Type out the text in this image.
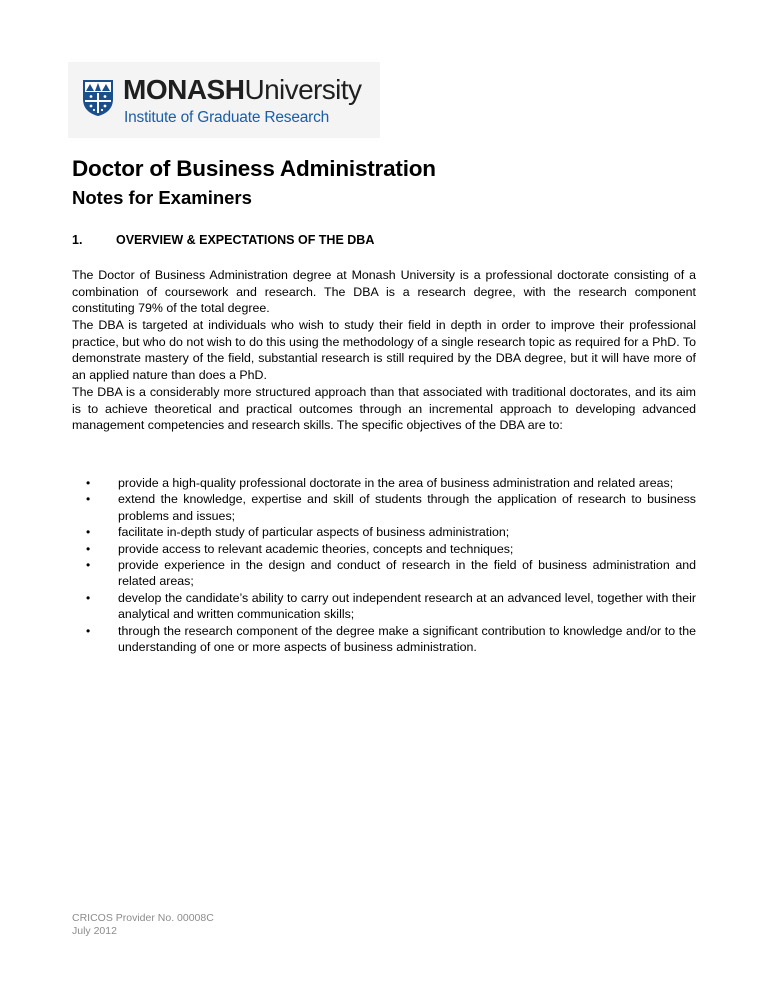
MONASHUniversity
Institute of Graduate Research
Doctor of Business Administration
Notes for Examiners
1.	OVERVIEW & EXPECTATIONS OF THE DBA

The Doctor of Business Administration degree at Monash University is a professional doctorate consisting of a combination of coursework and research. The DBA is a research degree, with the research component constituting 79% of the total degree.

The DBA is targeted at individuals who wish to study their field in depth in order to improve their professional practice, but who do not wish to do this using the methodology of a single research topic as required for a PhD. To demonstrate mastery of the field, substantial research is still required by the DBA degree, but it will have more of an applied nature than does a PhD.

The DBA is a considerably more structured approach than that associated with traditional doctorates, and its aim is to achieve theoretical and practical outcomes through an incremental approach to developing advanced management competencies and research skills. The specific objectives of the DBA are to:

• provide a high-quality professional doctorate in the area of business administration and related areas;
• extend the knowledge, expertise and skill of students through the application of research to business problems and issues;
• facilitate in-depth study of particular aspects of business administration;
• provide access to relevant academic theories, concepts and techniques;
• provide experience in the design and conduct of research in the field of business administration and related areas;
• develop the candidate’s ability to carry out independent research at an advanced level, together with their analytical and written communication skills;
• through the research component of the degree make a significant contribution to knowledge and/or to the understanding of one or more aspects of business administration.
CRICOS Provider No. 00008C
July 2012
